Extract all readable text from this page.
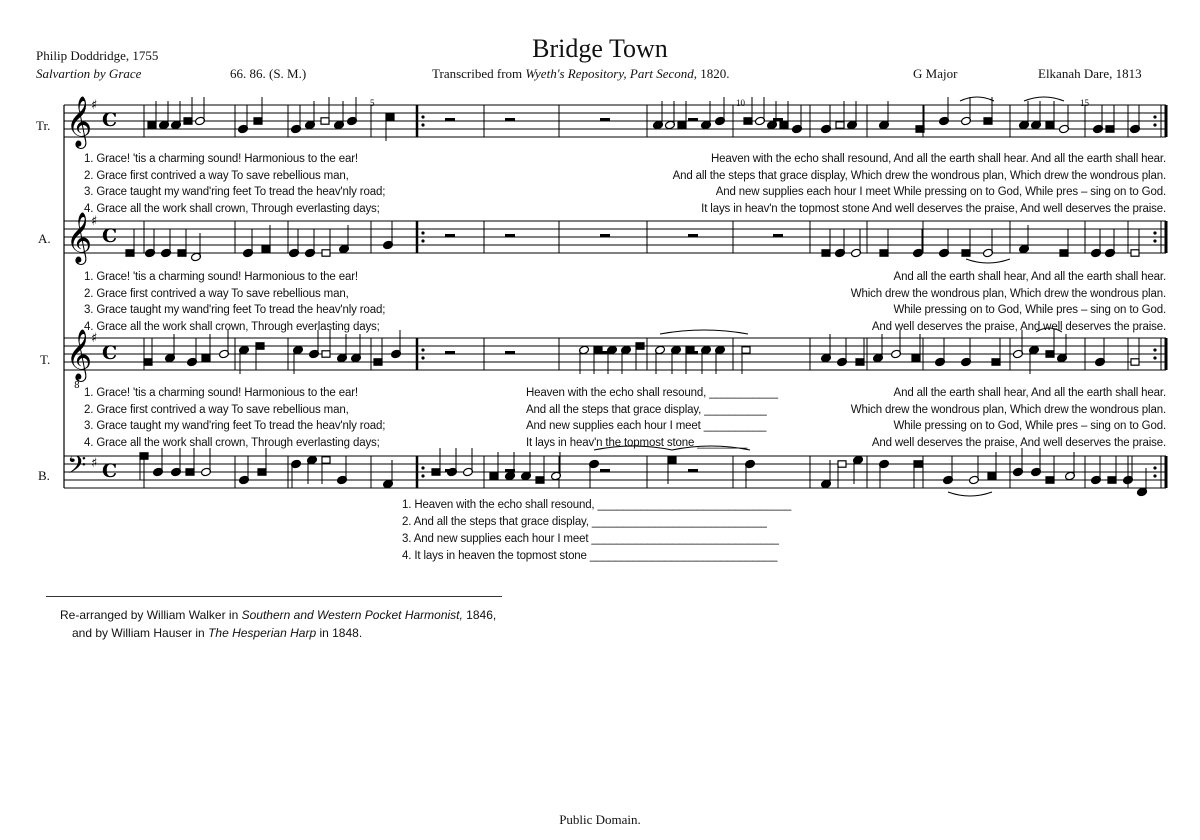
Bridge Town
Philip Doddridge, 1755
Salvartion by Grace	66. 86. (S. M.)	Transcribed from Wyeth's Repository, Part Second, 1820.	G Major	Elkanah Dare, 1813
5	10	15
Tr.
A.
T.
B.
𝄞
♯
C
𝄞
♯
C
𝄞
8
♯
C
𝄢 ♯ C
1. Grace! 'tis a charming sound! Harmonious to the ear!
2. Grace first contrived a way To save rebellious man,
3. Grace taught my wand'ring feet To tread the heav'nly road;
4. Grace all the work shall crown, Through everlasting days;
Heaven with the echo shall resound, And all the earth shall hear. And all the earth shall hear.
And all the steps that grace display, Which drew the wondrous plan, Which drew the wondrous plan.
And new supplies each hour I meet While pressing on to God, While pres – sing on to God.
It lays in heav'n the topmost stone And well deserves the praise, And well deserves the praise.
1. Grace! 'tis a charming sound! Harmonious to the ear!
2. Grace first contrived a way To save rebellious man,
3. Grace taught my wand'ring feet To tread the heav'nly road;
4. Grace all the work shall crown, Through everlasting days;
And all the earth shall hear, And all the earth shall hear.
Which drew the wondrous plan, Which drew the wondrous plan.
While pressing on to God, While pres – sing on to God.
And well deserves the praise, And well deserves the praise.
1. Grace! 'tis a charming sound! Harmonious to the ear!
2. Grace first contrived a way To save rebellious man,
3. Grace taught my wand'ring feet To tread the heav'nly road;
4. Grace all the work shall crown, Through everlasting days;
Heaven with the echo shall resound, ___________
And all the steps that grace display, __________
And new supplies each hour I meet __________
It lays in heav'n the topmost stone ________
And all the earth shall hear, And all the earth shall hear.
Which drew the wondrous plan, Which drew the wondrous plan.
While pressing on to God, While pres – sing on to God.
And well deserves the praise, And well deserves the praise.
1. Heaven with the echo shall resound, _______________________________
2. And all the steps that grace display, ____________________________
3. And new supplies each hour I meet ______________________________
4. It lays in heaven the topmost stone ______________________________
Re-arranged by William Walker in Southern and Western Pocket Harmonist, 1846,
and by William Hauser in The Hesperian Harp in 1848.
Public Domain.
